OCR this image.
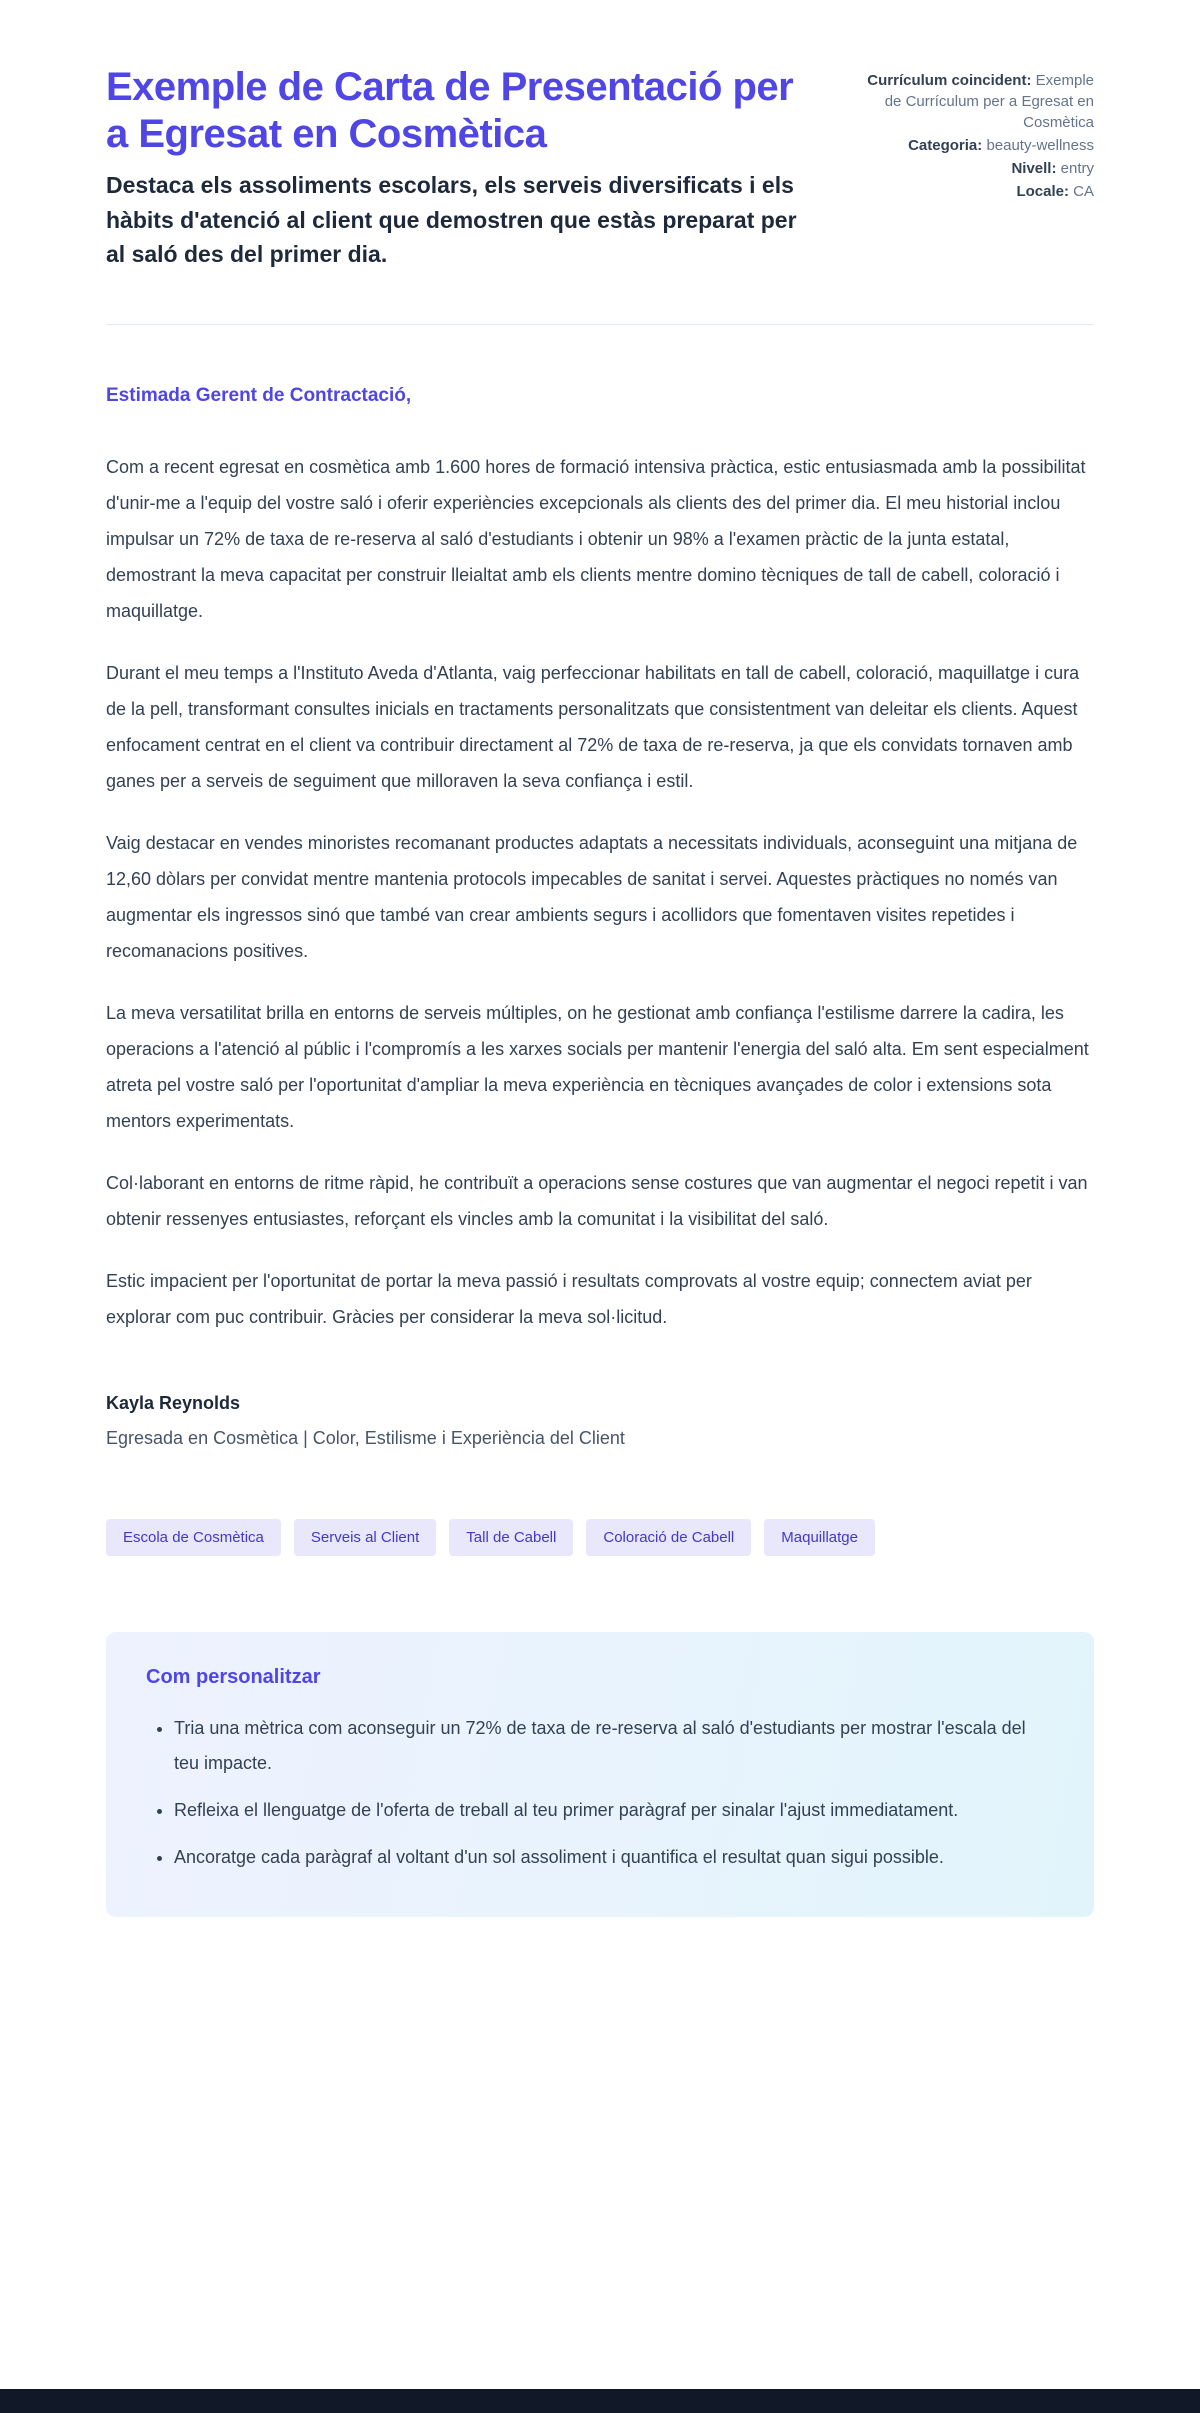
Exemple de Carta de Presentació per a Egresat en Cosmètica

Destaca els assoliments escolars, els serveis diversificats i els hàbits d'atenció al client que demostren que estàs preparat per al saló des del primer dia.

Currículum coincident: Exemple de Currículum per a Egresat en Cosmètica
Categoria: beauty-wellness
Nivell: entry
Locale: CA

Estimada Gerent de Contractació,

Com a recent egresat en cosmètica amb 1.600 hores de formació intensiva pràctica, estic entusiasmada amb la possibilitat d'unir-me a l'equip del vostre saló i oferir experiències excepcionals als clients des del primer dia. El meu historial inclou impulsar un 72% de taxa de re-reserva al saló d'estudiants i obtenir un 98% a l'examen pràctic de la junta estatal, demostrant la meva capacitat per construir lleialtat amb els clients mentre domino tècniques de tall de cabell, coloració i maquillatge.

Durant el meu temps a l'Instituto Aveda d'Atlanta, vaig perfeccionar habilitats en tall de cabell, coloració, maquillatge i cura de la pell, transformant consultes inicials en tractaments personalitzats que consistentment van deleitar els clients. Aquest enfocament centrat en el client va contribuir directament al 72% de taxa de re-reserva, ja que els convidats tornaven amb ganes per a serveis de seguiment que milloraven la seva confiança i estil.

Vaig destacar en vendes minoristes recomanant productes adaptats a necessitats individuals, aconseguint una mitjana de 12,60 dòlars per convidat mentre mantenia protocols impecables de sanitat i servei. Aquestes pràctiques no només van augmentar els ingressos sinó que també van crear ambients segurs i acollidors que fomentaven visites repetides i recomanacions positives.

La meva versatilitat brilla en entorns de serveis múltiples, on he gestionat amb confiança l'estilisme darrere la cadira, les operacions a l'atenció al públic i l'compromís a les xarxes socials per mantenir l'energia del saló alta. Em sent especialment atreta pel vostre saló per l'oportunitat d'ampliar la meva experiència en tècniques avançades de color i extensions sota mentors experimentats.

Col·laborant en entorns de ritme ràpid, he contribuït a operacions sense costures que van augmentar el negoci repetit i van obtenir ressenyes entusiastes, reforçant els vincles amb la comunitat i la visibilitat del saló.

Estic impacient per l'oportunitat de portar la meva passió i resultats comprovats al vostre equip; connectem aviat per explorar com puc contribuir. Gràcies per considerar la meva sol·licitud.

Kayla Reynolds

Egresada en Cosmètica | Color, Estilisme i Experiència del Client

Escola de Cosmètica	Serveis al Client	Tall de Cabell	Coloració de Cabell	Maquillatge
Com personalitzar
• Tria una mètrica com aconseguir un 72% de taxa de re-reserva al saló d'estudiants per mostrar l'escala del teu impacte.
• Refleixa el llenguatge de l'oferta de treball al teu primer paràgraf per sinalar l'ajust immediatament.
• Ancoratge cada paràgraf al voltant d'un sol assoliment i quantifica el resultat quan sigui possible.
